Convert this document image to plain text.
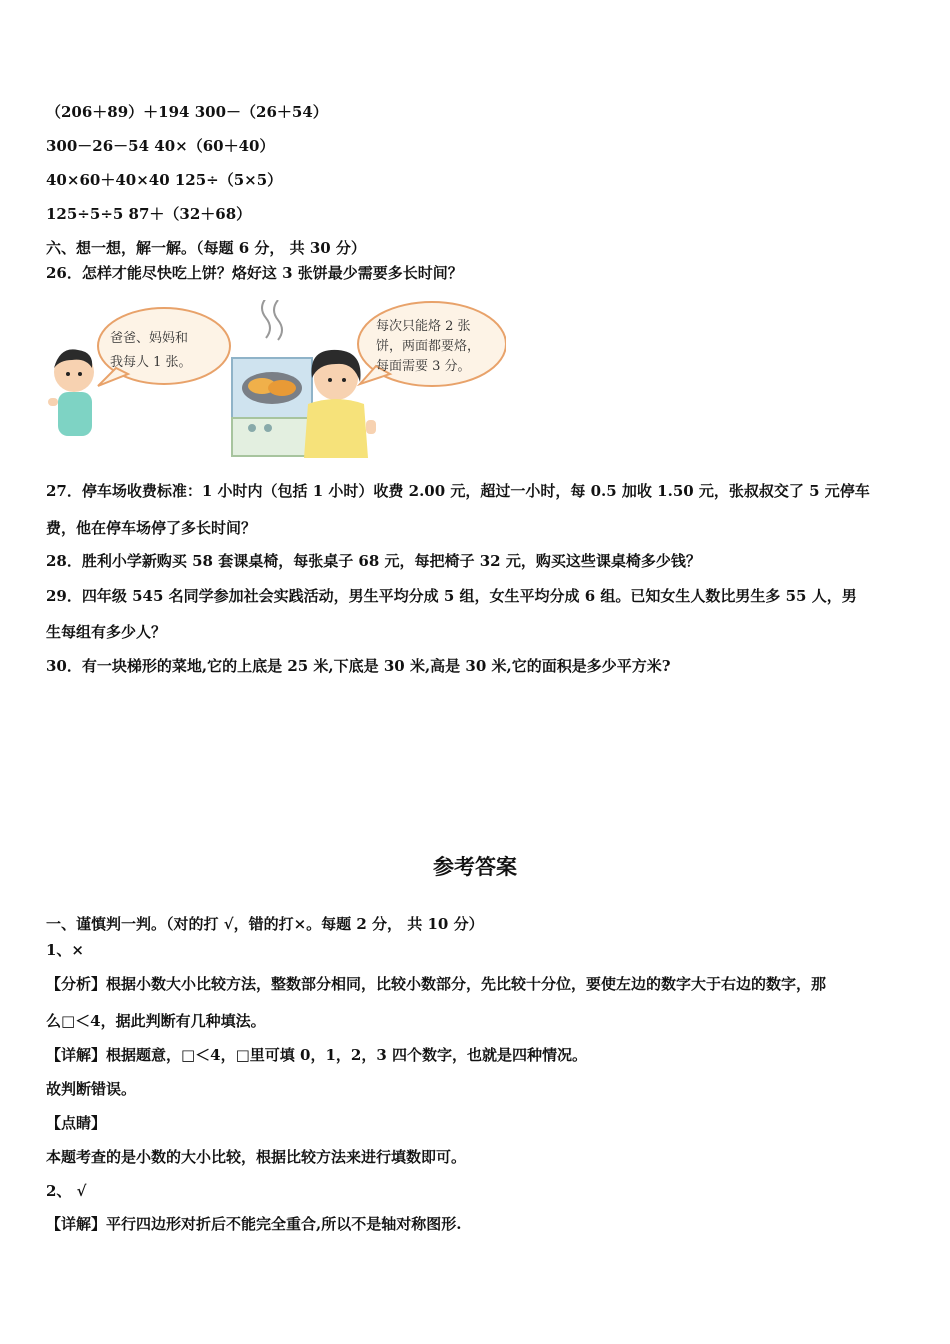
（206＋89）＋194 300－（26＋54）
300－26－54 40×（60＋40）
40×60＋40×40 125÷（5×5）
125÷5÷5 87＋（32＋68）
六、想一想，解一解。（每题 6 分， 共 30 分）
26．怎样才能尽快吃上饼？烙好这 3 张饼最少需要多长时间？
爸爸、妈妈和
我每人 1 张。
每次只能烙 2 张
饼，两面都要烙，
每面需要 3 分。
27．停车场收费标准：1 小时内（包括 1 小时）收费 2.00 元，超过一小时，每 0.5 加收 1.50 元，张叔叔交了 5 元停车
费，他在停车场停了多长时间？
28．胜利小学新购买 58 套课桌椅，每张桌子 68 元，每把椅子 32 元，购买这些课桌椅多少钱？
29．四年级 545 名同学参加社会实践活动，男生平均分成 5 组，女生平均分成 6 组。已知女生人数比男生多 55 人，男
生每组有多少人？
30．有一块梯形的菜地,它的上底是 25 米,下底是 30 米,高是 30 米,它的面积是多少平方米?
参考答案
一、谨慎判一判。（对的打 √，错的打×。每题 2 分， 共 10 分）
1、×
【分析】根据小数大小比较方法，整数部分相同，比较小数部分，先比较十分位，要使左边的数字大于右边的数字，那
么□＜4，据此判断有几种填法。
【详解】根据题意，□＜4，□里可填 0，1，2，3 四个数字，也就是四种情况。
故判断错误。
【点睛】
本题考查的是小数的大小比较，根据比较方法来进行填数即可。
2、 √
【详解】平行四边形对折后不能完全重合,所以不是轴对称图形.
